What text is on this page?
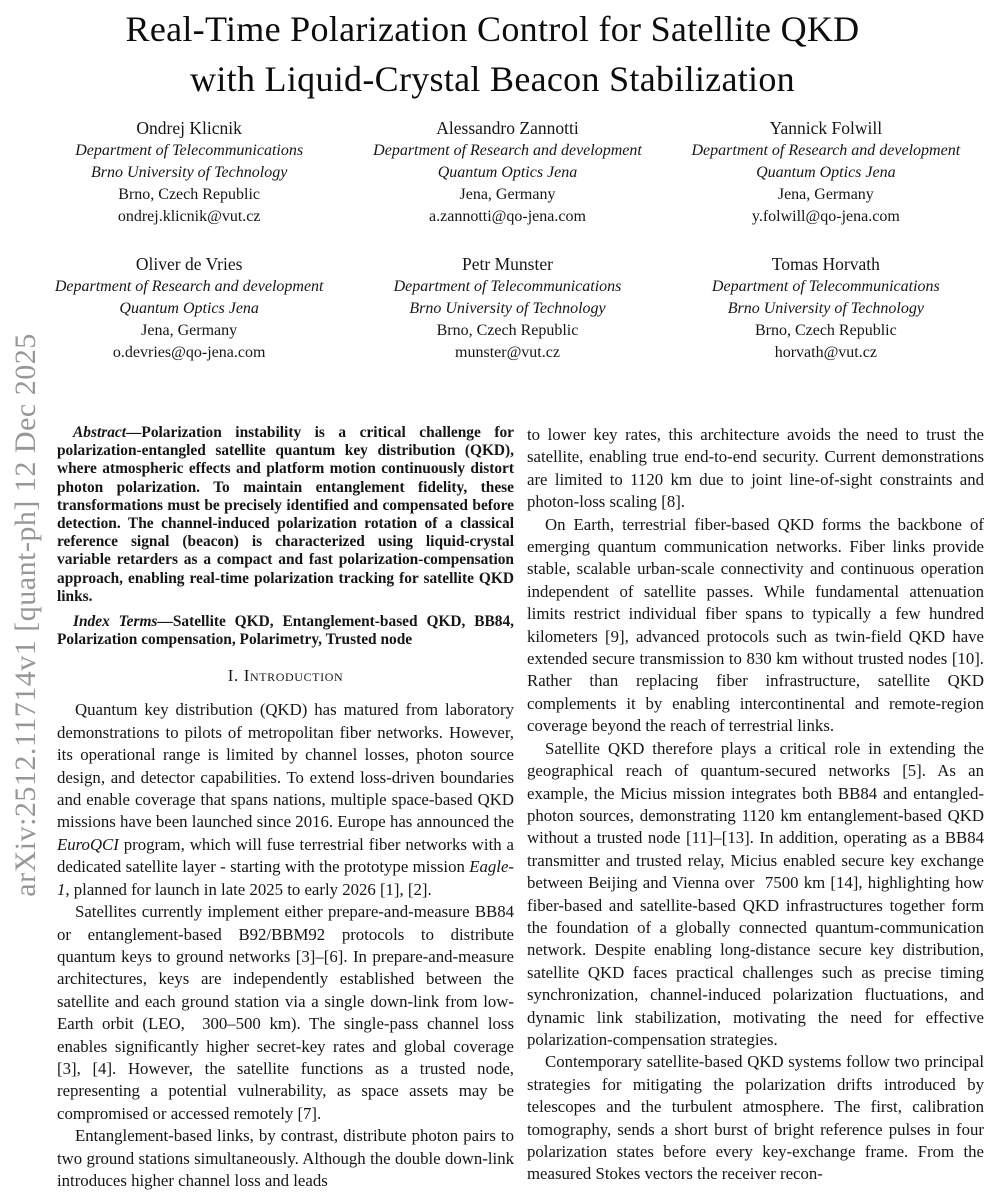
arXiv:2512.11714v1 [quant-ph] 12 Dec 2025
Real-Time Polarization Control for Satellite QKD
with Liquid-Crystal Beacon Stabilization
Ondrej Klicnik
Department of Telecommunications
Brno University of Technology
Brno, Czech Republic
ondrej.klicnik@vut.cz
Alessandro Zannotti
Department of Research and development
Quantum Optics Jena
Jena, Germany
a.zannotti@qo-jena.com
Yannick Folwill
Department of Research and development
Quantum Optics Jena
Jena, Germany
y.folwill@qo-jena.com
Oliver de Vries
Department of Research and development
Quantum Optics Jena
Jena, Germany
o.devries@qo-jena.com
Petr Munster
Department of Telecommunications
Brno University of Technology
Brno, Czech Republic
munster@vut.cz
Tomas Horvath
Department of Telecommunications
Brno University of Technology
Brno, Czech Republic
horvath@vut.cz

Abstract—Polarization instability is a critical challenge for polarization-entangled satellite quantum key distribution (QKD), where atmospheric effects and platform motion continuously distort photon polarization. To maintain entanglement fidelity, these transformations must be precisely identified and compensated before detection. The channel-induced polarization rotation of a classical reference signal (beacon) is characterized using liquid-crystal variable retarders as a compact and fast polarization-compensation approach, enabling real-time polarization tracking for satellite QKD links.

Index Terms—Satellite QKD, Entanglement-based QKD, BB84, Polarization compensation, Polarimetry, Trusted node

I. Introduction

Quantum key distribution (QKD) has matured from laboratory demonstrations to pilots of metropolitan fiber networks. However, its operational range is limited by channel losses, photon source design, and detector capabilities. To extend loss-driven boundaries and enable coverage that spans nations, multiple space-based QKD missions have been launched since 2016. Europe has announced the EuroQCI program, which will fuse terrestrial fiber networks with a dedicated satellite layer - starting with the prototype mission Eagle-1, planned for launch in late 2025 to early 2026 [1], [2].

Satellites currently implement either prepare-and-measure BB84 or entanglement-based B92/BBM92 protocols to distribute quantum keys to ground networks [3]–[6]. In prepare-and-measure architectures, keys are independently established between the satellite and each ground station via a single down-link from low-Earth orbit (LEO,  300–500 km). The single-pass channel loss enables significantly higher secret-key rates and global coverage [3], [4]. However, the satellite functions as a trusted node, representing a potential vulnerability, as space assets may be compromised or accessed remotely [7].

Entanglement-based links, by contrast, distribute photon pairs to two ground stations simultaneously. Although the double down-link introduces higher channel loss and leads

to lower key rates, this architecture avoids the need to trust the satellite, enabling true end-to-end security. Current demonstrations are limited to 1120 km due to joint line-of-sight constraints and photon-loss scaling [8].

On Earth, terrestrial fiber-based QKD forms the backbone of emerging quantum communication networks. Fiber links provide stable, scalable urban-scale connectivity and continuous operation independent of satellite passes. While fundamental attenuation limits restrict individual fiber spans to typically a few hundred kilometers [9], advanced protocols such as twin-field QKD have extended secure transmission to 830 km without trusted nodes [10]. Rather than replacing fiber infrastructure, satellite QKD complements it by enabling intercontinental and remote-region coverage beyond the reach of terrestrial links.

Satellite QKD therefore plays a critical role in extending the geographical reach of quantum-secured networks [5]. As an example, the Micius mission integrates both BB84 and entangled-photon sources, demonstrating 1120 km entanglement-based QKD without a trusted node [11]–[13]. In addition, operating as a BB84 transmitter and trusted relay, Micius enabled secure key exchange between Beijing and Vienna over  7500 km [14], highlighting how fiber-based and satellite-based QKD infrastructures together form the foundation of a globally connected quantum-communication network. Despite enabling long-distance secure key distribution, satellite QKD faces practical challenges such as precise timing synchronization, channel-induced polarization fluctuations, and dynamic link stabilization, motivating the need for effective polarization-compensation strategies.

Contemporary satellite-based QKD systems follow two principal strategies for mitigating the polarization drifts introduced by telescopes and the turbulent atmosphere. The first, calibration tomography, sends a short burst of bright reference pulses in four polarization states before every key-exchange frame. From the measured Stokes vectors the receiver recon-
